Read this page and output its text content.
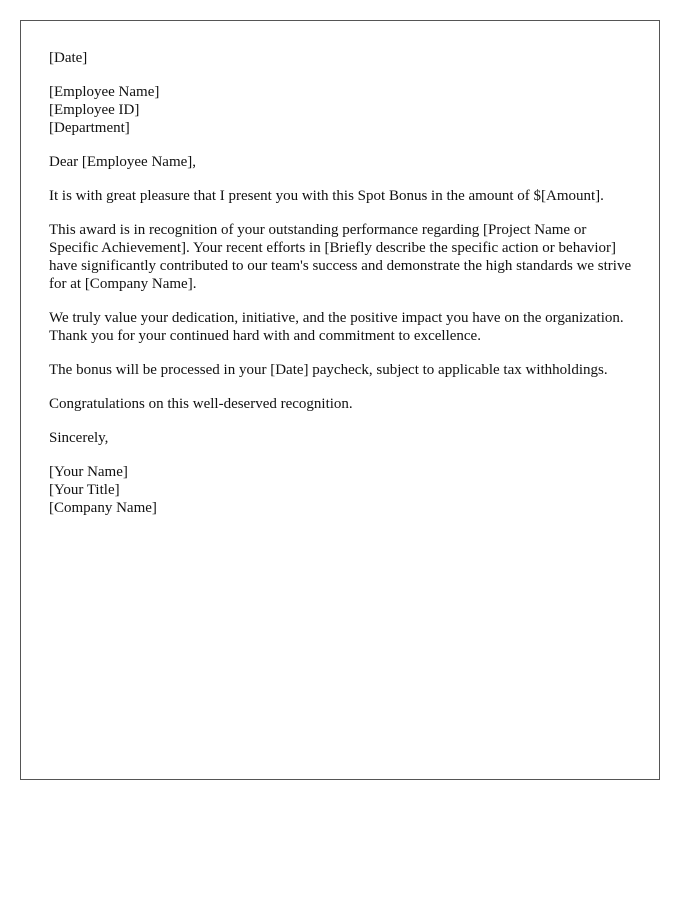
[Date]
[Employee Name]
[Employee ID]
[Department]
Dear [Employee Name],

It is with great pleasure that I present you with this Spot Bonus in the amount of $[Amount].

This award is in recognition of your outstanding performance regarding [Project Name or Specific Achievement]. Your recent efforts in [Briefly describe the specific action or behavior] have significantly contributed to our team's success and demonstrate the high standards we strive for at [Company Name].

We truly value your dedication, initiative, and the positive impact you have on the organization. Thank you for your continued hard with and commitment to excellence.

The bonus will be processed in your [Date] paycheck, subject to applicable tax withholdings.

Congratulations on this well-deserved recognition.

Sincerely,
[Your Name]
[Your Title]
[Company Name]
